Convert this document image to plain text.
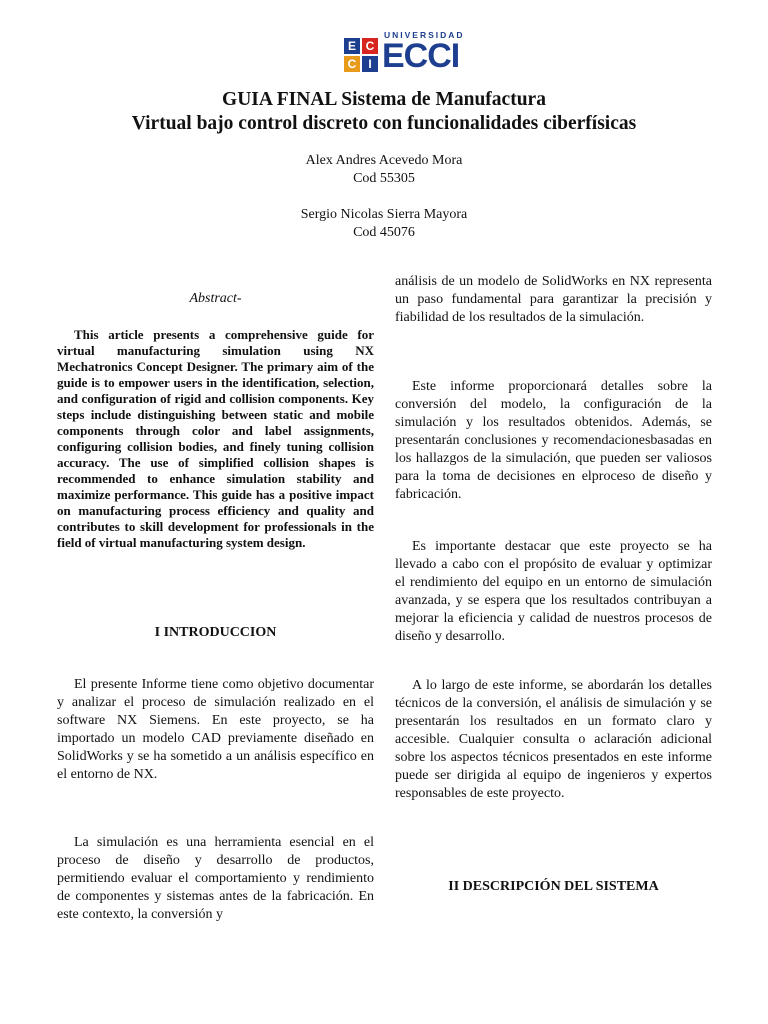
E C
C	I
UNIVERSIDAD
ECCI
GUIA FINAL Sistema de Manufactura
Virtual bajo control discreto con funcionalidades ciberfísicas
Alex Andres Acevedo Mora
Cod 55305
Sergio Nicolas Sierra Mayora
Cod 45076
Abstract-
This article presents a comprehensive guide for virtual manufacturing simulation using NX Mechatronics Concept Designer. The primary aim of the guide is to empower users in the identification, selection, and configuration of rigid and collision components. Key steps include distinguishing between static and mobile components through color and label assignments, configuring collision bodies, and finely tuning collision accuracy. The use of simplified collision shapes is recommended to enhance simulation stability and maximize performance. This guide has a positive impact on manufacturing process efficiency and quality and contributes to skill development for professionals in the field of virtual manufacturing system design.
I INTRODUCCION

El presente Informe tiene como objetivo documentar y analizar el proceso de simulación realizado en el software NX Siemens. En este proyecto, se ha importado un modelo CAD previamente diseñado en SolidWorks y se ha sometido a un análisis específico en el entorno de NX.

La simulación es una herramienta esencial en el proceso de diseño y desarrollo de productos, permitiendo evaluar el comportamiento y rendimiento de componentes y sistemas antes de la fabricación. En este contexto, la conversión y

análisis de un modelo de SolidWorks en NX representa un paso fundamental para garantizar la precisión y fiabilidad de los resultados de la simulación.

Este informe proporcionará detalles sobre la conversión del modelo, la configuración de la simulación y los resultados obtenidos. Además, se presentarán conclusiones y recomendacionesbasadas en los hallazgos de la simulación, que pueden ser valiosos para la toma de decisiones en elproceso de diseño y fabricación.

Es importante destacar que este proyecto se ha llevado a cabo con el propósito de evaluar y optimizar el rendimiento del equipo en un entorno de simulación avanzada, y se espera que los resultados contribuyan a mejorar la eficiencia y calidad de nuestros procesos de diseño y desarrollo.

A lo largo de este informe, se abordarán los detalles técnicos de la conversión, el análisis de simulación y se presentarán los resultados en un formato claro y accesible. Cualquier consulta o aclaración adicional sobre los aspectos técnicos presentados en este informe puede ser dirigida al equipo de ingenieros y expertos responsables de este proyecto.

II DESCRIPCIÓN DEL SISTEMA
